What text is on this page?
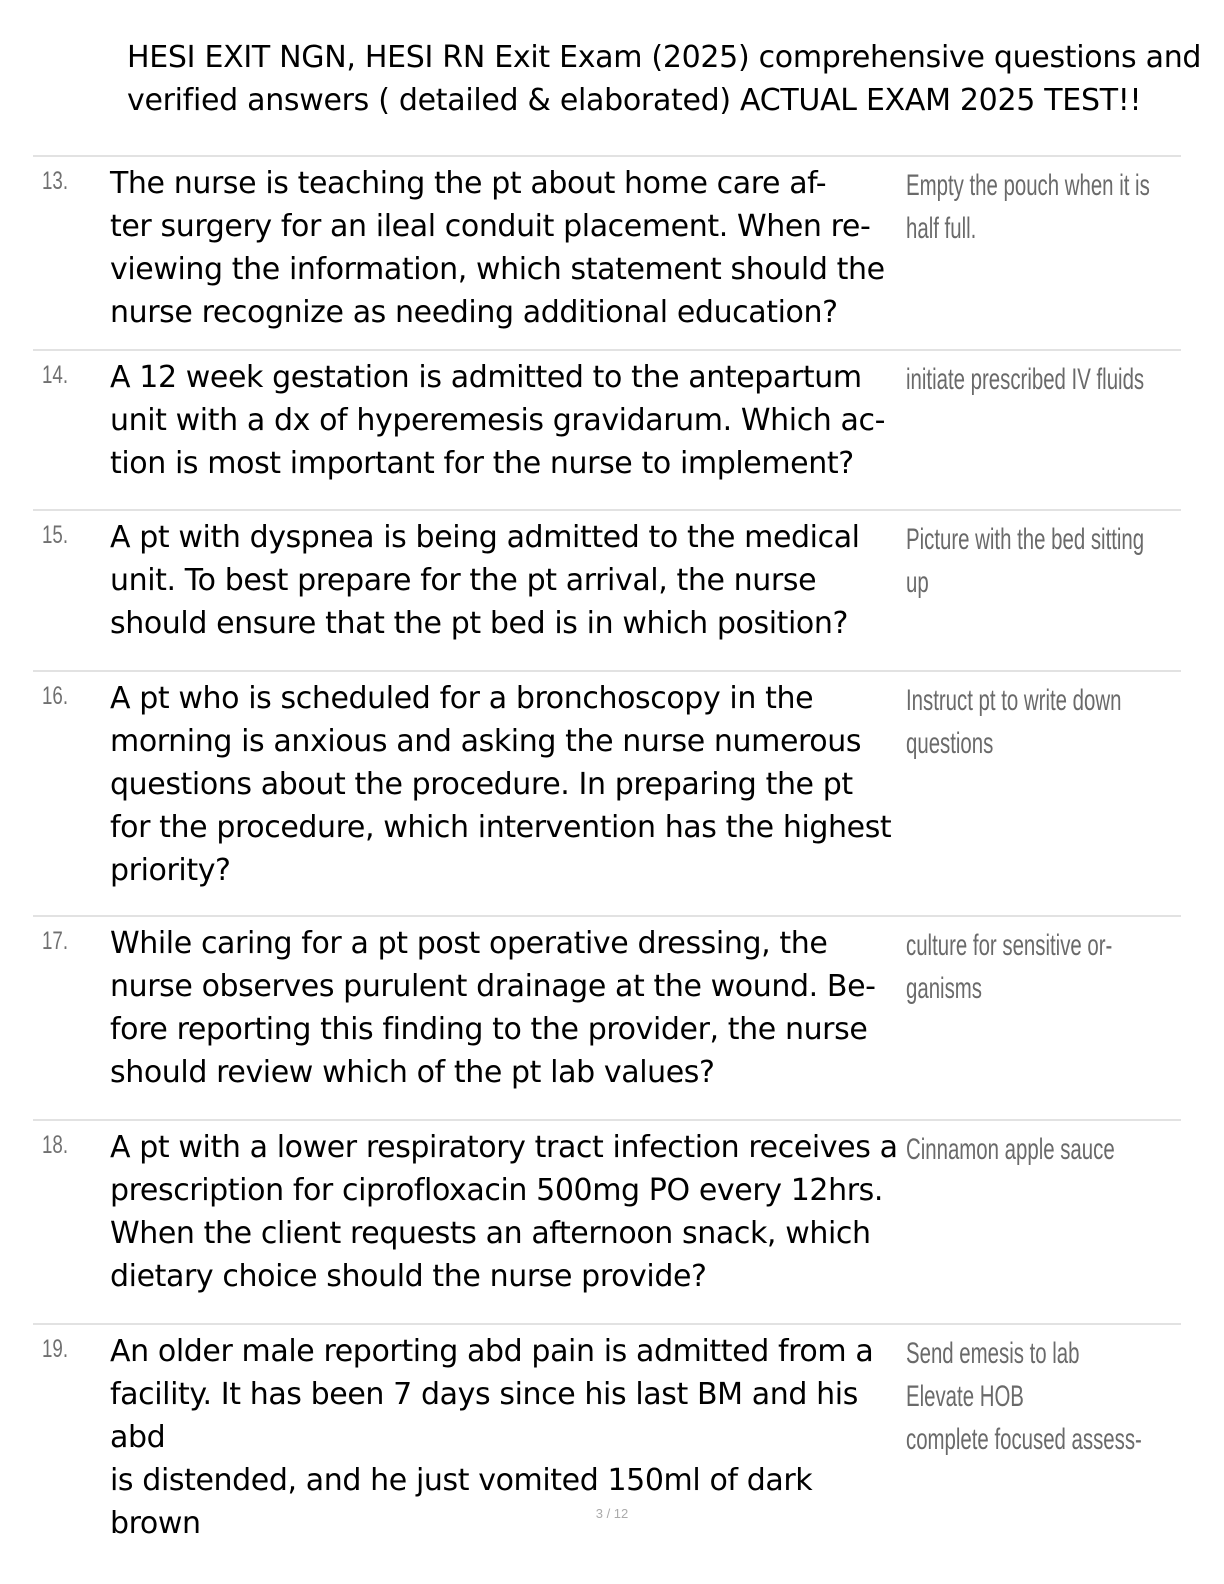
HESI EXIT NGN, HESI RN Exit Exam (2025) comprehensive questions and
verified answers ( detailed & elaborated) ACTUAL EXAM 2025 TEST!!
13. The nurse is teaching the pt about home care af-
ter surgery for an ileal conduit placement. When re-
viewing the information, which statement should the
nurse recognize as needing additional education?
Empty the pouch when it is
half full.
14. A 12 week gestation is admitted to the antepartum
unit with a dx of hyperemesis gravidarum. Which ac-
tion is most important for the nurse to implement?
initiate prescribed IV fluids
15. A pt with dyspnea is being admitted to the medical
unit. To best prepare for the pt arrival, the nurse
should ensure that the pt bed is in which position?
Picture with the bed sitting
up
16. A pt who is scheduled for a bronchoscopy in the
morning is anxious and asking the nurse numerous
questions about the procedure. In preparing the pt
for the procedure, which intervention has the highest
priority?
Instruct pt to write down
questions
17. While caring for a pt post operative dressing, the
nurse observes purulent drainage at the wound. Be-
fore reporting this finding to the provider, the nurse
should review which of the pt lab values?
culture for sensitive or-
ganisms
18. A pt with a lower respiratory tract infection receives a
prescription for ciprofloxacin 500mg PO every 12hrs.
When the client requests an afternoon snack, which
dietary choice should the nurse provide?
Cinnamon apple sauce
19. An older male reporting abd pain is admitted from a
facility. It has been 7 days since his last BM and his abd
is distended, and he just vomited 150ml of dark brown
Send emesis to lab
Elevate HOB
complete focused assess-
3 / 12
